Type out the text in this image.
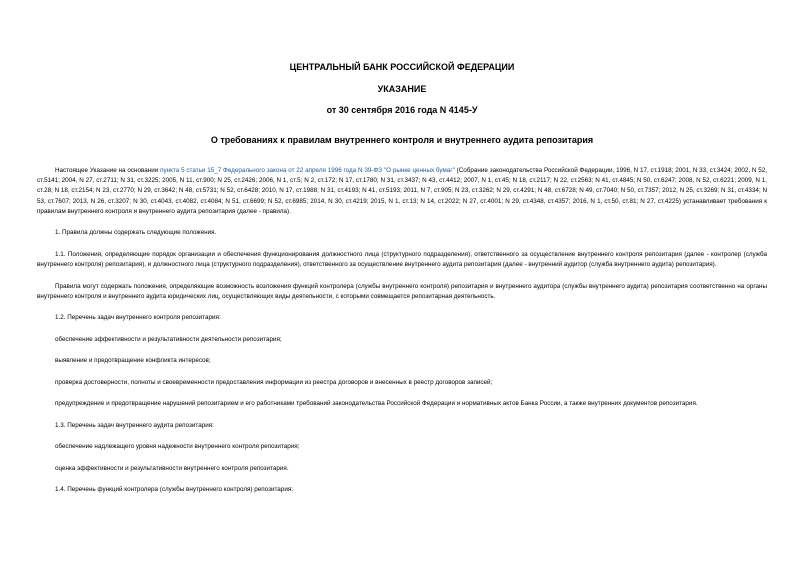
ЦЕНТРАЛЬНЫЙ БАНК РОССИЙСКОЙ ФЕДЕРАЦИИ
УКАЗАНИЕ
от 30 сентября 2016 года N 4145-У
О требованиях к правилам внутреннего контроля и внутреннего аудита репозитария

Настоящее Указание на основании пункта 5 статьи 15_7 Федерального закона от 22 апреля 1996 года N 39-ФЗ "О рынке ценных бумаг" (Собрание законодательства Российской Федерации, 1996, N 17, ст.1918; 2001, N 33, ст.3424; 2002, N 52, ст.5141; 2004, N 27, ст.2711; N 31, ст.3225; 2005, N 11, ст.900; N 25, ст.2426; 2006, N 1, ст.5; N 2, ст.172; N 17, ст.1780; N 31, ст.3437; N 43, ст.4412; 2007, N 1, ст.45; N 18, ст.2117; N 22, ст.2563; N 41, ст.4845; N 50, ст.6247; 2008, N 52, ст.6221; 2009, N 1, ст.28; N 18, ст.2154; N 23, ст.2770; N 29, ст.3642; N 48, ст.5731; N 52, ст.6428; 2010, N 17, ст.1988; N 31, ст.4193; N 41, ст.5193; 2011, N 7, ст.905; N 23, ст.3262; N 29, ст.4291; N 48, ст.6728; N 49, ст.7040; N 50, ст.7357; 2012, N 25, ст.3269; N 31, ст.4334; N 53, ст.7607; 2013, N 26, ст.3207; N 30, ст.4043, ст.4082, ст.4084; N 51, ст.6699; N 52, ст.6985; 2014, N 30, ст.4219; 2015, N 1, ст.13; N 14, ст.2022; N 27, ст.4001; N 29, ст.4348, ст.4357; 2016, N 1, ст.50, ст.81; N 27, ст.4225) устанавливает требования к правилам внутреннего контроля и внутреннего аудита репозитария (далее - правила).

1. Правила должны содержать следующие положения.

1.1. Положения, определяющие порядок организации и обеспечения функционирования должностного лица (структурного подразделения), ответственного за осуществление внутреннего контроля репозитария (далее - контролер (служба внутреннего контроля) репозитария), и должностного лица (структурного подразделения), ответственного за осуществление внутреннего аудита репозитария (далее - внутренний аудитор (служба внутреннего аудита) репозитария).

Правила могут содержать положения, определяющие возможность возложения функций контролера (службы внутреннего контроля) репозитария и внутреннего аудитора (службы внутреннего аудита) репозитария соответственно на органы внутреннего контроля и внутреннего аудита юридических лиц, осуществляющих виды деятельности, с которыми совмещается репозитарная деятельность.

1.2. Перечень задач внутреннего контроля репозитария:

обеспечение эффективности и результативности деятельности репозитария;

выявление и предотвращение конфликта интересов;

проверка достоверности, полноты и своевременности предоставления информации из реестра договоров и внесенных в реестр договоров записей;

предупреждение и предотвращение нарушений репозитарием и его работниками требований законодательства Российской Федерации и нормативных актов Банка России, а также внутренних документов репозитария.

1.3. Перечень задач внутреннего аудита репозитария:

обеспечение надлежащего уровня надежности внутреннего контроля репозитария;

оценка эффективности и результативности внутреннего контроля репозитария.

1.4. Перечень функций контролера (службы внутреннего контроля) репозитария:
